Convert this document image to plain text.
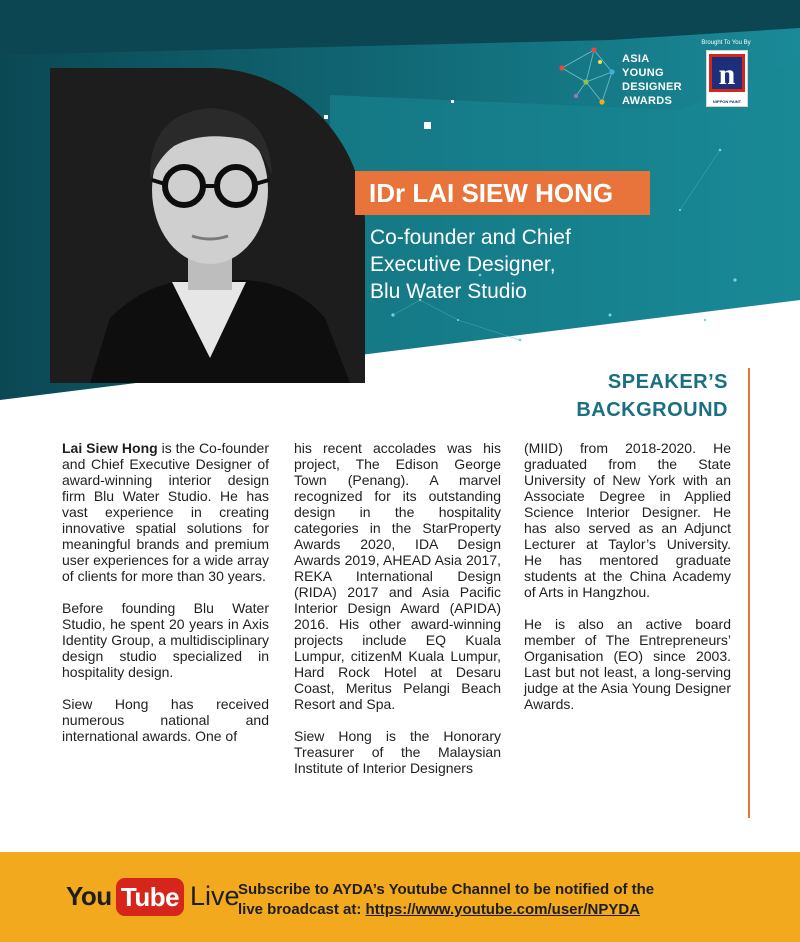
ASIA
YOUNG
DESIGNER
AWARDS
Brought To You By
n
NIPPON PAINT
IDr LAI SIEW HONG
Co-founder and Chief
Executive Designer,
Blu Water Studio
SPEAKER’S
BACKGROUND

Lai Siew Hong is the Co-founder and Chief Executive Designer of award-winning interior design firm Blu Water Studio. He has vast experience in creating innovative spatial solutions for meaningful brands and premium user experiences for a wide array of clients for more than 30 years.

Before founding Blu Water Studio, he spent 20 years in Axis Identity Group, a multidisciplinary design studio specialized in hospitality design.

Siew Hong has received numerous national and international awards. One of

his recent accolades was his project, The Edison George Town (Penang). A marvel recognized for its outstanding design in the hospitality categories in the StarProperty Awards 2020, IDA Design Awards 2019, AHEAD Asia 2017, REKA International Design (RIDA) 2017 and Asia Pacific Interior Design Award (APIDA) 2016. His other award-winning projects include EQ Kuala Lumpur, citizenM Kuala Lumpur, Hard Rock Hotel at Desaru Coast, Meritus Pelangi Beach Resort and Spa.

Siew Hong is the Honorary Treasurer of the Malaysian Institute of Interior Designers

(MIID) from 2018-2020. He graduated from the State University of New York with an Associate Degree in Applied Science Interior Designer. He has also served as an Adjunct Lecturer at Taylor’s University. He has mentored graduate students at the China Academy of Arts in Hangzhou.

He is also an active board member of The Entrepreneurs’ Organisation (EO) since 2003. Last but not least, a long-serving judge at the Asia Young Designer Awards.

You Tube Live
Subscribe to AYDA’s Youtube Channel to be notified of the
live broadcast at: https://www.youtube.com/user/NPYDA
